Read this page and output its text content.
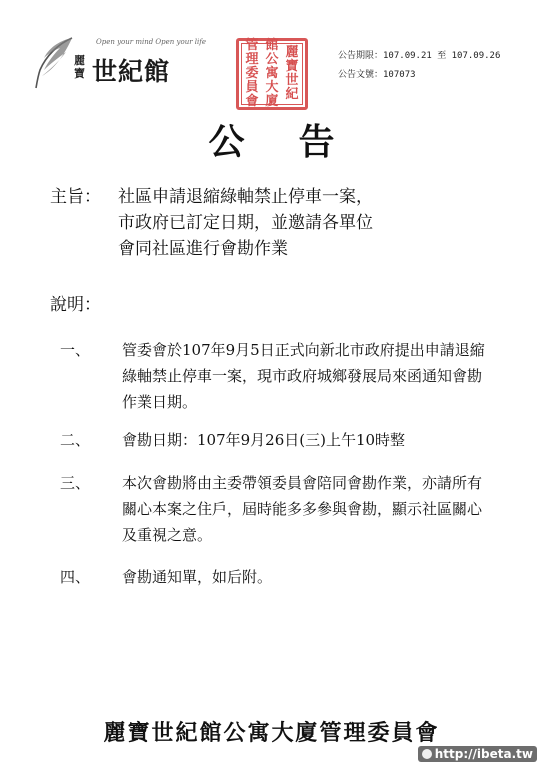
Open your mind Open your life
麗寶 世紀館
麗
寶
世
紀
館
公
寓
大
廈
管
理
委
員
會
公告期限：107.09.21 至 107.09.26
公告文號：107073
公告
主旨： 社區申請退縮綠軸禁止停車一案，市政府已訂定日期，並邀請各單位會同社區進行會勘作業
說明：
一、 管委會於107年9月5日正式向新北市政府提出申請退縮綠軸禁止停車一案，現市政府城鄉發展局來函通知會勘作業日期。
二、 會勘日期：107年9月26日(三)上午10時整
三、 本次會勘將由主委帶領委員會陪同會勘作業，亦請所有關心本案之住戶，屆時能多多參與會勘，顯示社區關心及重視之意。
四、 會勘通知單，如后附。
麗寶世紀館公寓大廈管理委員會
http://ibeta.tw
